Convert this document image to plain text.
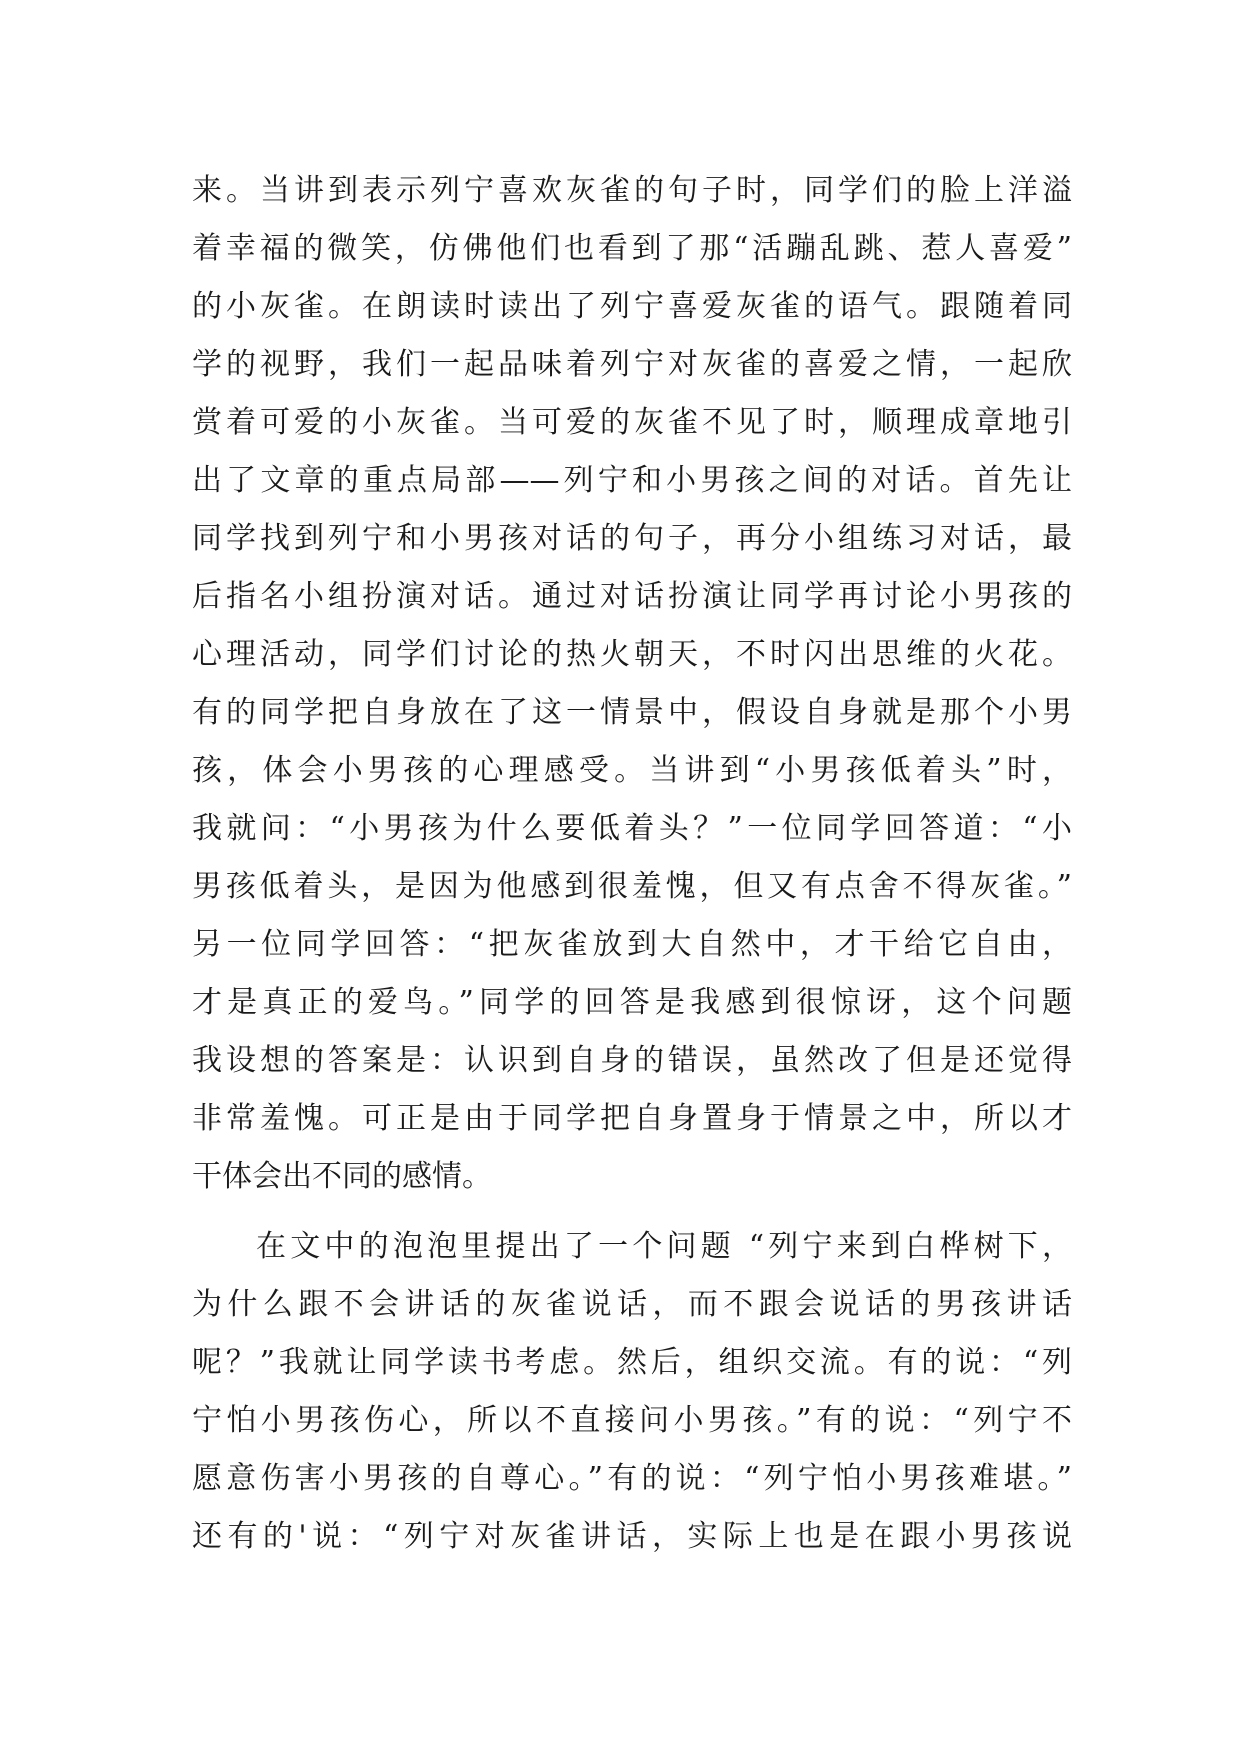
来。当讲到表示列宁喜欢灰雀的句子时，同学们的脸上洋溢
着幸福的微笑，仿佛他们也看到了那“活蹦乱跳、惹人喜爱”
的小灰雀。在朗读时读出了列宁喜爱灰雀的语气。跟随着同
学的视野，我们一起品味着列宁对灰雀的喜爱之情，一起欣
赏着可爱的小灰雀。当可爱的灰雀不见了时，顺理成章地引
出了文章的重点局部——列宁和小男孩之间的对话。首先让
同学找到列宁和小男孩对话的句子，再分小组练习对话，最
后指名小组扮演对话。通过对话扮演让同学再讨论小男孩的
心理活动，同学们讨论的热火朝天，不时闪出思维的火花。
有的同学把自身放在了这一情景中，假设自身就是那个小男
孩，体会小男孩的心理感受。当讲到“小男孩低着头”时，
我就问：“小男孩为什么要低着头？”一位同学回答道：“小
男孩低着头，是因为他感到很羞愧，但又有点舍不得灰雀。”
另一位同学回答：“把灰雀放到大自然中，才干给它自由，
才是真正的爱鸟。”同学的回答是我感到很惊讶，这个问题
我设想的答案是：认识到自身的错误，虽然改了但是还觉得
非常羞愧。可正是由于同学把自身置身于情景之中，所以才
干体会出不同的感情。
在文中的泡泡里提出了一个问题 “列宁来到白桦树下，
为什么跟不会讲话的灰雀说话，而不跟会说话的男孩讲话
呢？”我就让同学读书考虑。然后，组织交流。有的说：“列
宁怕小男孩伤心，所以不直接问小男孩。”有的说：“列宁不
愿意伤害小男孩的自尊心。”有的说：“列宁怕小男孩难堪。”
还有的'说：“列宁对灰雀讲话，实际上也是在跟小男孩说
